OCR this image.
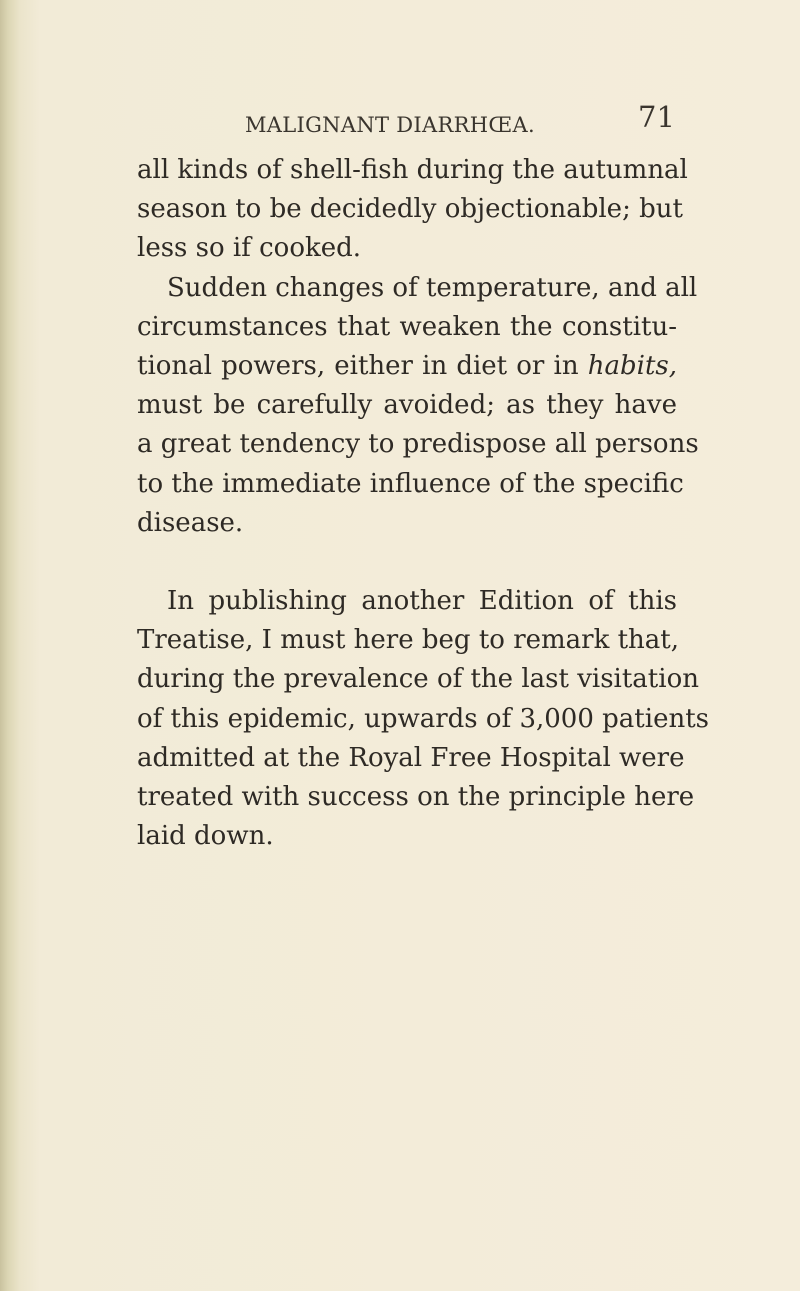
MALIGNANT DIARRHŒA.	71
all kinds of shell-fish during the autumnal
season to be decidedly objectionable; but
less so if cooked.
Sudden changes of temperature, and all
circumstances that weaken the constitu-
tional powers, either in diet or in habits,
must be carefully avoided; as they have
a great tendency to predispose all persons
to the immediate influence of the specific
disease.
In publishing another Edition of this
Treatise, I must here beg to remark that,
during the prevalence of the last visitation
of this epidemic, upwards of 3,000 patients
admitted at the Royal Free Hospital were
treated with success on the principle here
laid down.
